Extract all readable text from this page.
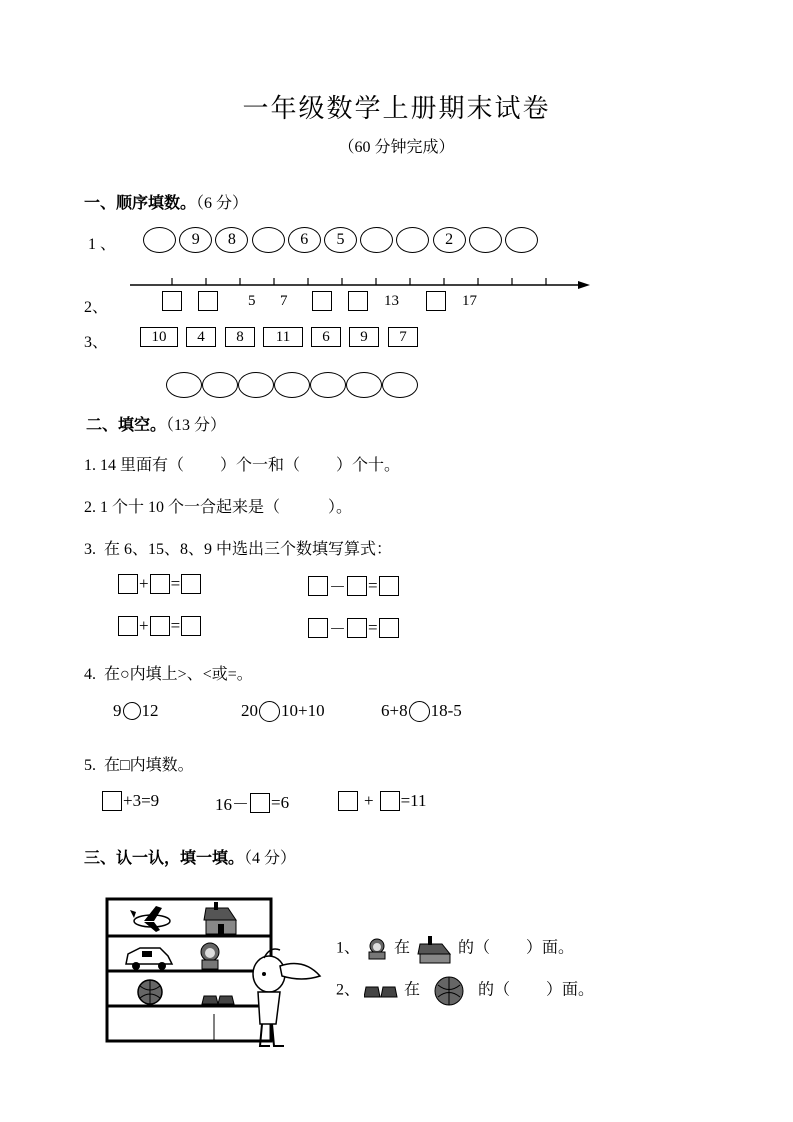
一年级数学上册期末试卷
（60 分钟完成）
一、顺序填数。（6 分）
1 、	9	8	6	5	2
2、	5 7	13	17
3、	10	4	8	11	6	9	7
二、填空。（13 分）
1. 14 里面有（　　 ）个一和（　　 ）个十。
2. 1 个十 10 个一合起来是（　　　）。
3.  在 6、15、8、9 中选出三个数填写算式：
+ =	－ =
+ =	－ =
4.  在○内填上>、<或=。
9 12	20 10+10	6+8 18-5
5.  在□内填数。
+3=9	16－ =6	+ =11
三、认一认，填一填。（4 分）
1、 在	的（　　 ）面。
2、	在	的（　　 ）面。
